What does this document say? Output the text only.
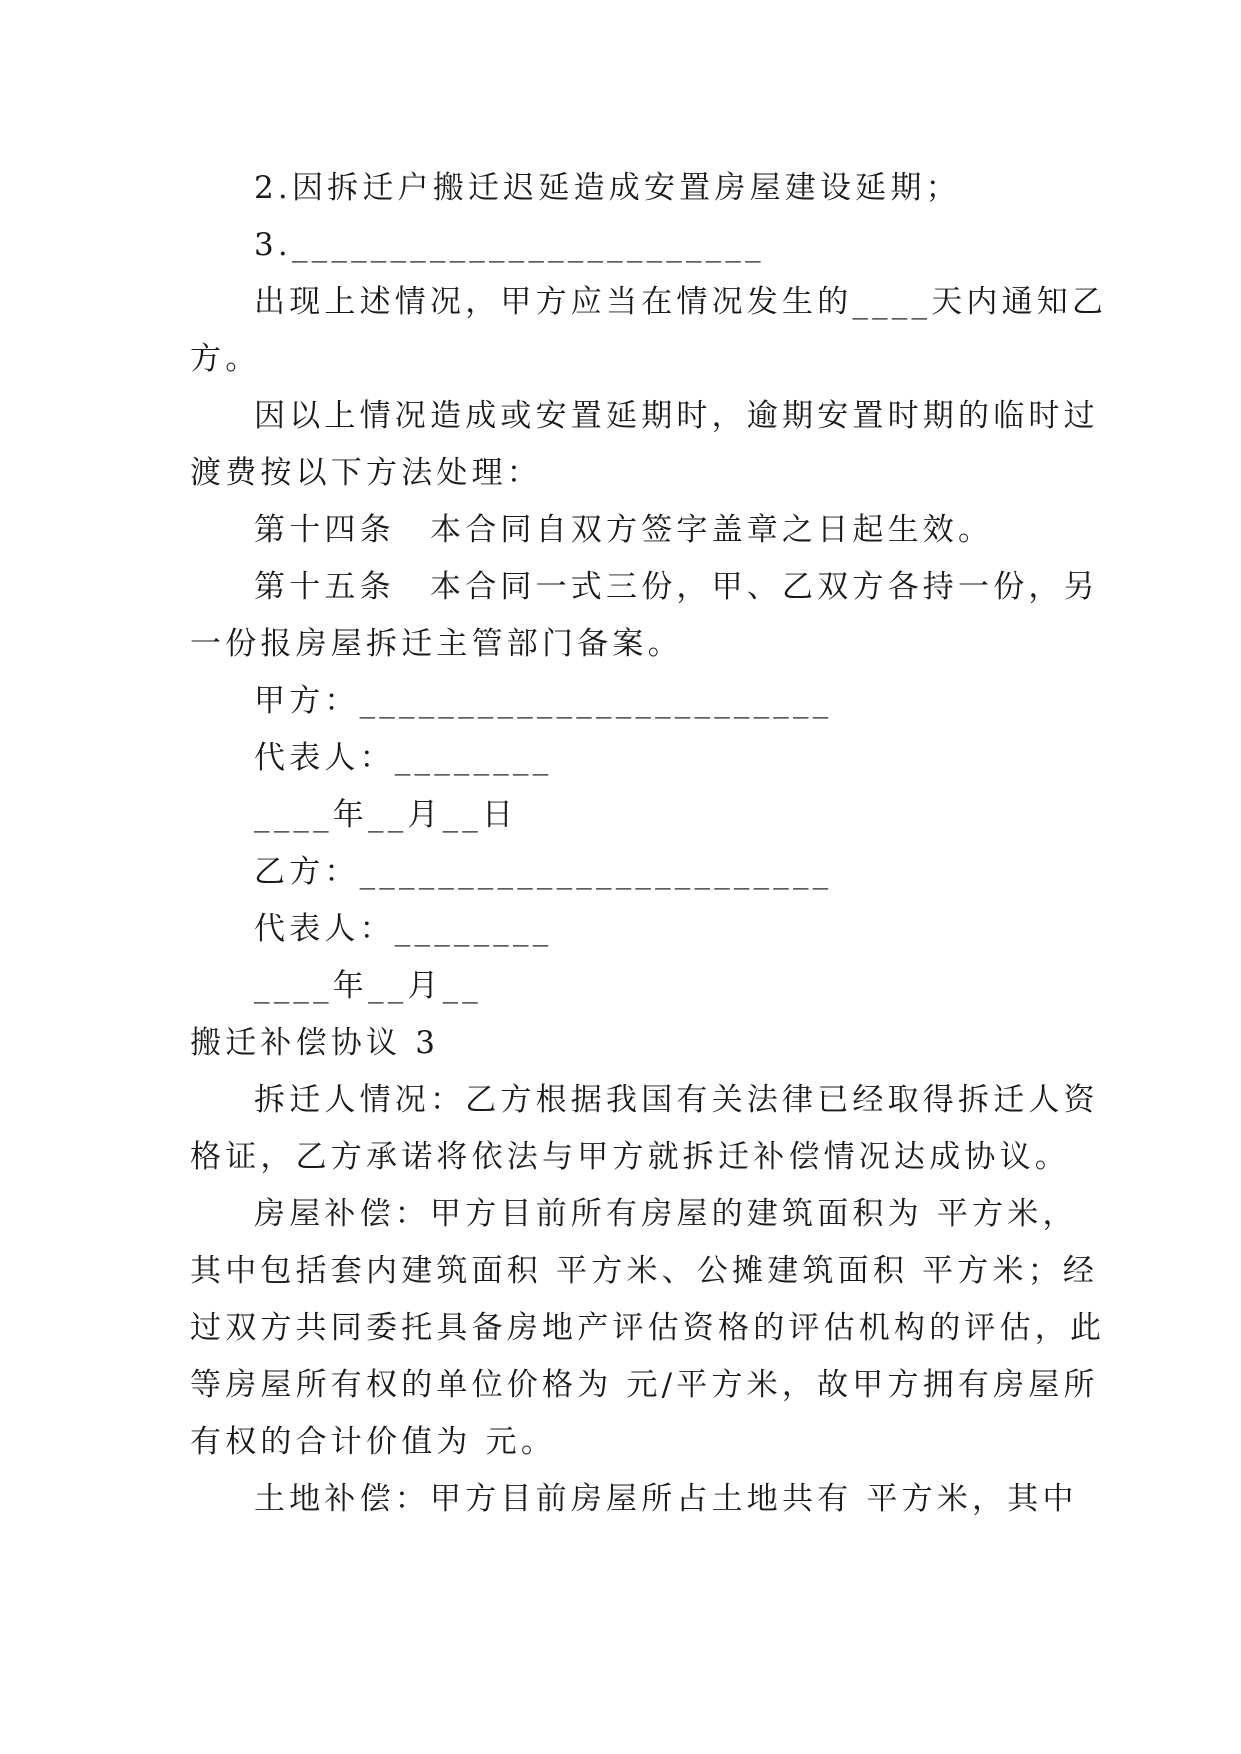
2.因拆迁户搬迁迟延造成安置房屋建设延期；
3.________________________
出现上述情况，甲方应当在情况发生的____天内通知乙
方。
因以上情况造成或安置延期时，逾期安置时期的临时过
渡费按以下方法处理：
第十四条　本合同自双方签字盖章之日起生效。
第十五条　本合同一式三份，甲、乙双方各持一份，另
一份报房屋拆迁主管部门备案。
甲方：________________________
代表人：________
____年__月__日
乙方：________________________
代表人：________
____年__月__
搬迁补偿协议 3
拆迁人情况：乙方根据我国有关法律已经取得拆迁人资
格证，乙方承诺将依法与甲方就拆迁补偿情况达成协议。
房屋补偿：甲方目前所有房屋的建筑面积为 平方米，
其中包括套内建筑面积 平方米、公摊建筑面积 平方米；经
过双方共同委托具备房地产评估资格的评估机构的评估，此
等房屋所有权的单位价格为 元/平方米，故甲方拥有房屋所
有权的合计价值为 元。
土地补偿：甲方目前房屋所占土地共有 平方米，其中
